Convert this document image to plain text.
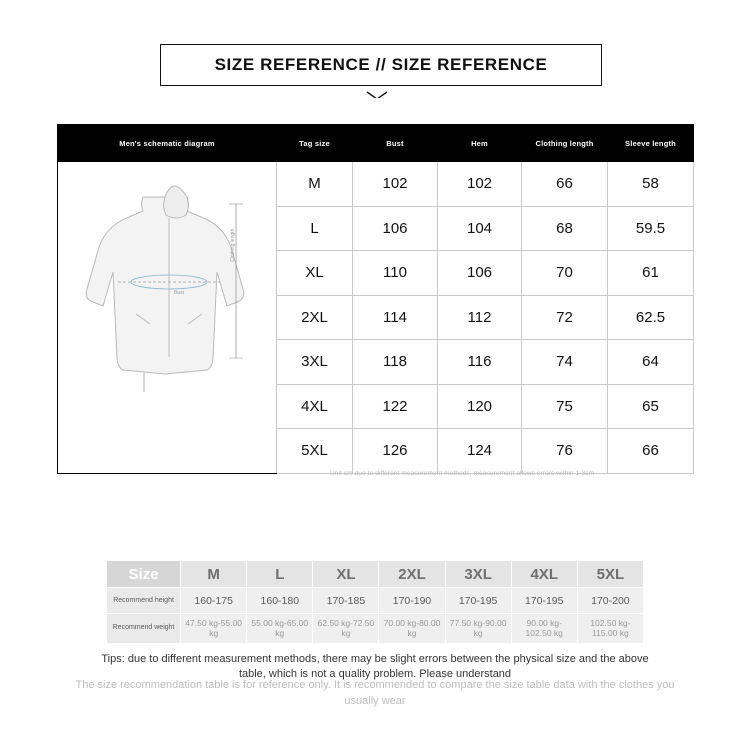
SIZE REFERENCE // SIZE REFERENCE
Men's schematic diagram	Tag size	Bust	Hem	Clothing length	Sleeve length

Bust
Clothing length	M	102	102	66	58
	L	106	104	68	59.5
	XL	110	106	70	61
	2XL	114	112	72	62.5
	3XL	118	116	74	64
	4XL	122	120	75	65
	5XL	126	124	76	66
Unit cm due to different measurement methods, measurement allows errors within 1-3cm
Size	M	L	XL	2XL	3XL	4XL	5XL
Recommend height	160-175	160-180	170-185	170-190	170-195	170-195	170-200
Recommend weight	47.50 kg-55.00 kg	55.00 kg-65.00 kg	62.50 kg-72.50 kg	70.00 kg-80.00 kg	77.50 kg-90.00 kg	90.00 kg-102.50 kg	102.50 kg-115.00 kg
Tips: due to different measurement methods, there may be slight errors between the physical size and the above table, which is not a quality problem. Please understand
The size recommendation table is for reference only. It is recommended to compare the size table data with the clothes you usually wear
